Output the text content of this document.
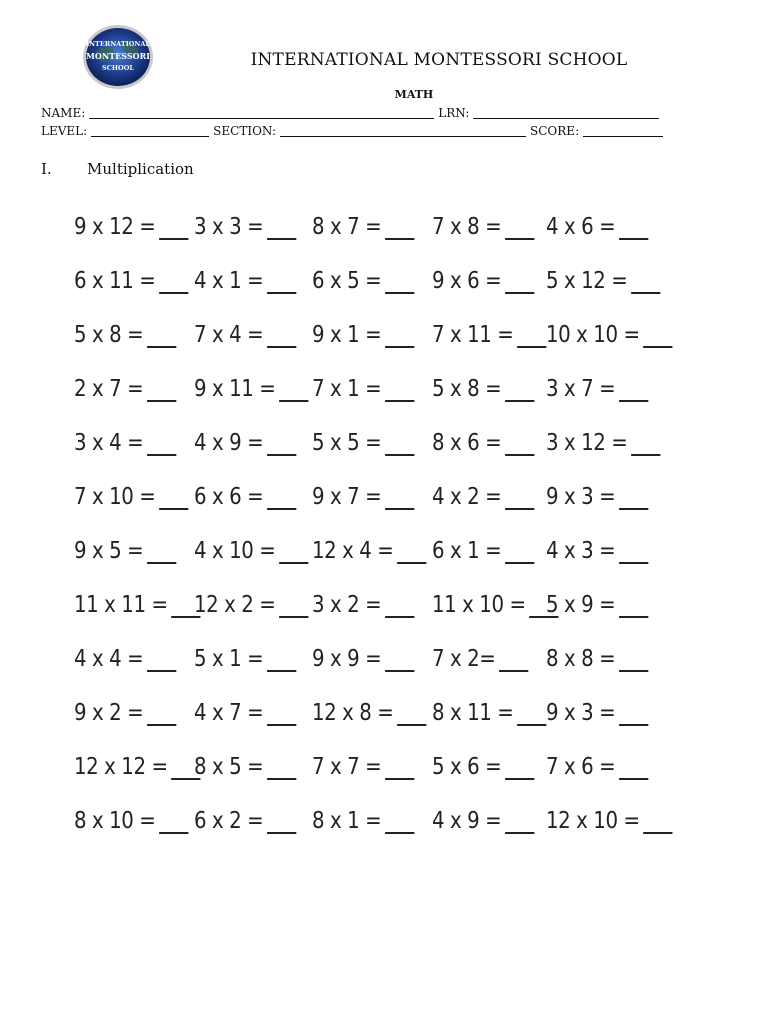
INTERNATIONAL
MONTESSORI
SCHOOL	INTERNATIONAL MONTESSORI SCHOOL
MATH
NAME:	LRN:
LEVEL:	SECTION:	SCORE:
I.	Multiplication
9 x 12 = 3 x 3 = 8 x 7 = 7 x 8 = 4 x 6 =
6 x 11 = 4 x 1 = 6 x 5 = 9 x 6 = 5 x 12 =
5 x 8 = 7 x 4 = 9 x 1 = 7 x 11 = 10 x 10 =
2 x 7 = 9 x 11 = 7 x 1 = 5 x 8 = 3 x 7 =
3 x 4 = 4 x 9 = 5 x 5 = 8 x 6 = 3 x 12 =
7 x 10 = 6 x 6 = 9 x 7 = 4 x 2 = 9 x 3 =
9 x 5 = 4 x 10 = 12 x 4 = 6 x 1 = 4 x 3 =
11 x 11 = 12 x 2 = 3 x 2 = 11 x 10 = 5 x 9 =
4 x 4 = 5 x 1 = 9 x 9 = 7 x 2= 8 x 8 =
9 x 2 = 4 x 7 = 12 x 8 = 8 x 11 = 9 x 3 =
12 x 12 = 8 x 5 = 7 x 7 = 5 x 6 = 7 x 6 =
8 x 10 = 6 x 2 = 8 x 1 = 4 x 9 = 12 x 10 =
